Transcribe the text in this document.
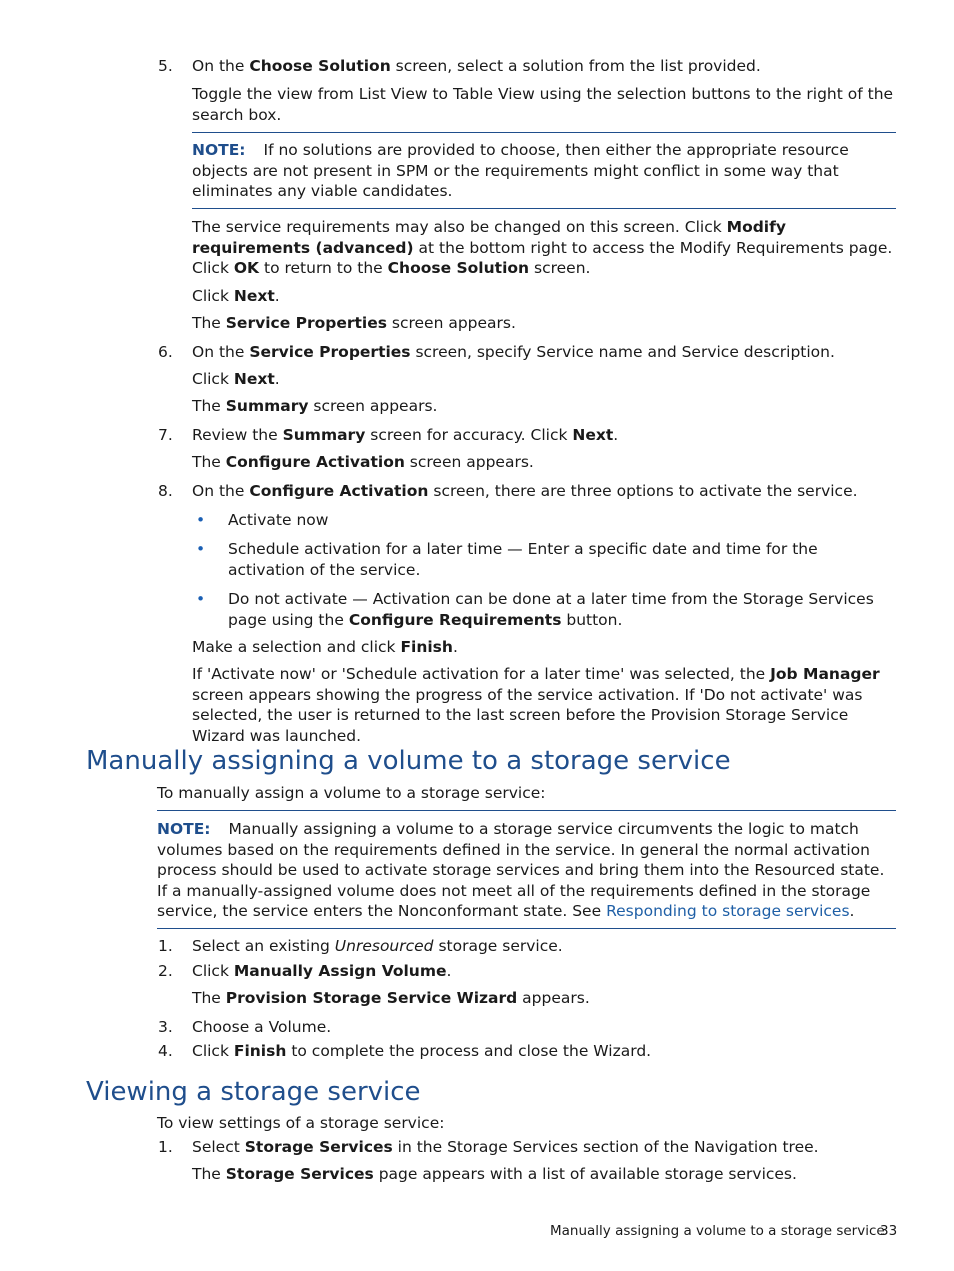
5. On the Choose Solution screen, select a solution from the list provided.
Toggle the view from List View to Table View using the selection buttons to the right of the search box.
NOTE: If no solutions are provided to choose, then either the appropriate resource objects are not present in SPM or the requirements might conflict in some way that eliminates any viable candidates.
The service requirements may also be changed on this screen. Click Modify requirements (advanced) at the bottom right to access the Modify Requirements page. Click OK to return to the Choose Solution screen.
Click Next.
The Service Properties screen appears.
6. On the Service Properties screen, specify Service name and Service description.
Click Next.
The Summary screen appears.
7. Review the Summary screen for accuracy. Click Next.
The Configure Activation screen appears.
8. On the Configure Activation screen, there are three options to activate the service.
• Activate now
• Schedule activation for a later time — Enter a specific date and time for the activation of the service.
• Do not activate — Activation can be done at a later time from the Storage Services page using the Configure Requirements button.
Make a selection and click Finish.
If 'Activate now' or 'Schedule activation for a later time' was selected, the Job Manager screen appears showing the progress of the service activation. If 'Do not activate' was selected, the user is returned to the last screen before the Provision Storage Service Wizard was launched.
Manually assigning a volume to a storage service
To manually assign a volume to a storage service:
NOTE: Manually assigning a volume to a storage service circumvents the logic to match volumes based on the requirements defined in the service. In general the normal activation process should be used to activate storage services and bring them into the Resourced state. If a manually-assigned volume does not meet all of the requirements defined in the storage service, the service enters the Nonconformant state. See Responding to storage services.
1. Select an existing Unresourced storage service.
2. Click Manually Assign Volume.
The Provision Storage Service Wizard appears.
3. Choose a Volume.
4. Click Finish to complete the process and close the Wizard.
Viewing a storage service
To view settings of a storage service:
1. Select Storage Services in the Storage Services section of the Navigation tree.
The Storage Services page appears with a list of available storage services.
Manually assigning a volume to a storage service
33
